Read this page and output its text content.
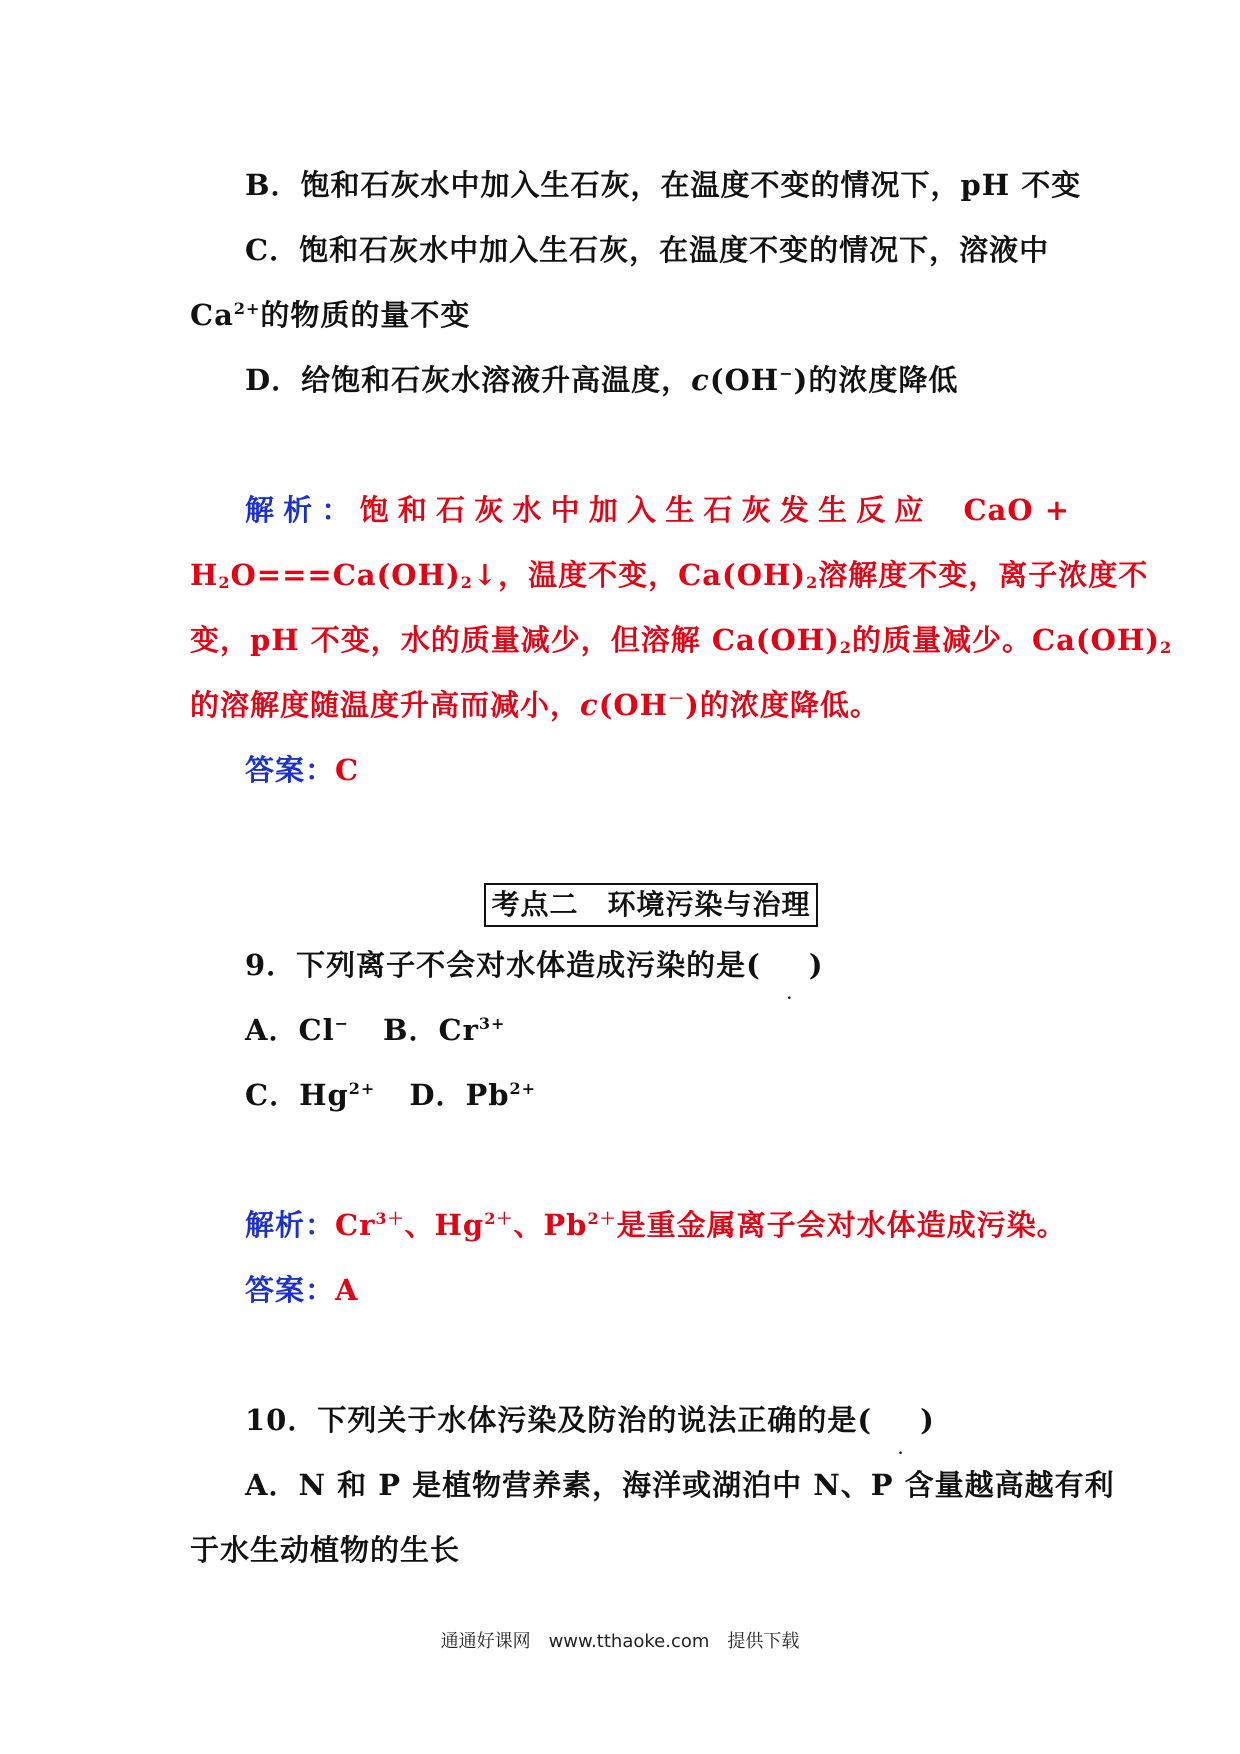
B．饱和石灰水中加入生石灰，在温度不变的情况下，pH 不变
C．饱和石灰水中加入生石灰，在温度不变的情况下，溶液中
$Ca^{2+}$的物质的量不变
D．给饱和石灰水溶液升高温度，c(OH−)的浓度降低
解析：饱和石灰水中加入生石灰发生反应 CaO +
$H_2O===Ca(OH)_2↓$，温度不变，$Ca(OH)_2$溶解度不变，离子浓度不
变，pH 不变，水的质量减少，但溶解 $Ca(OH)_2$的质量减少。$Ca(OH)_2$
的溶解度随温度升高而减小，c(OH－)的浓度降低。
答案：C
考点二　环境污染与治理
9．下列离子不会对水体造成污染的是(
.
)
A．Cl− B．$Cr^{3+}$
C．$Hg^{2+}$ D．$Pb^{2+}$
解析：$Cr^{3+}$、$Hg^{2+}$、$Pb^{2+}$是重金属离子会对水体造成污染。
答案：A
10．下列关于水体污染及防治的说法正确的是(
.
)
A．N 和 P 是植物营养素，海洋或湖泊中 N、P 含量越高越有利
于水生动植物的生长
通通好课网　www.tthaoke.com　提供下载
